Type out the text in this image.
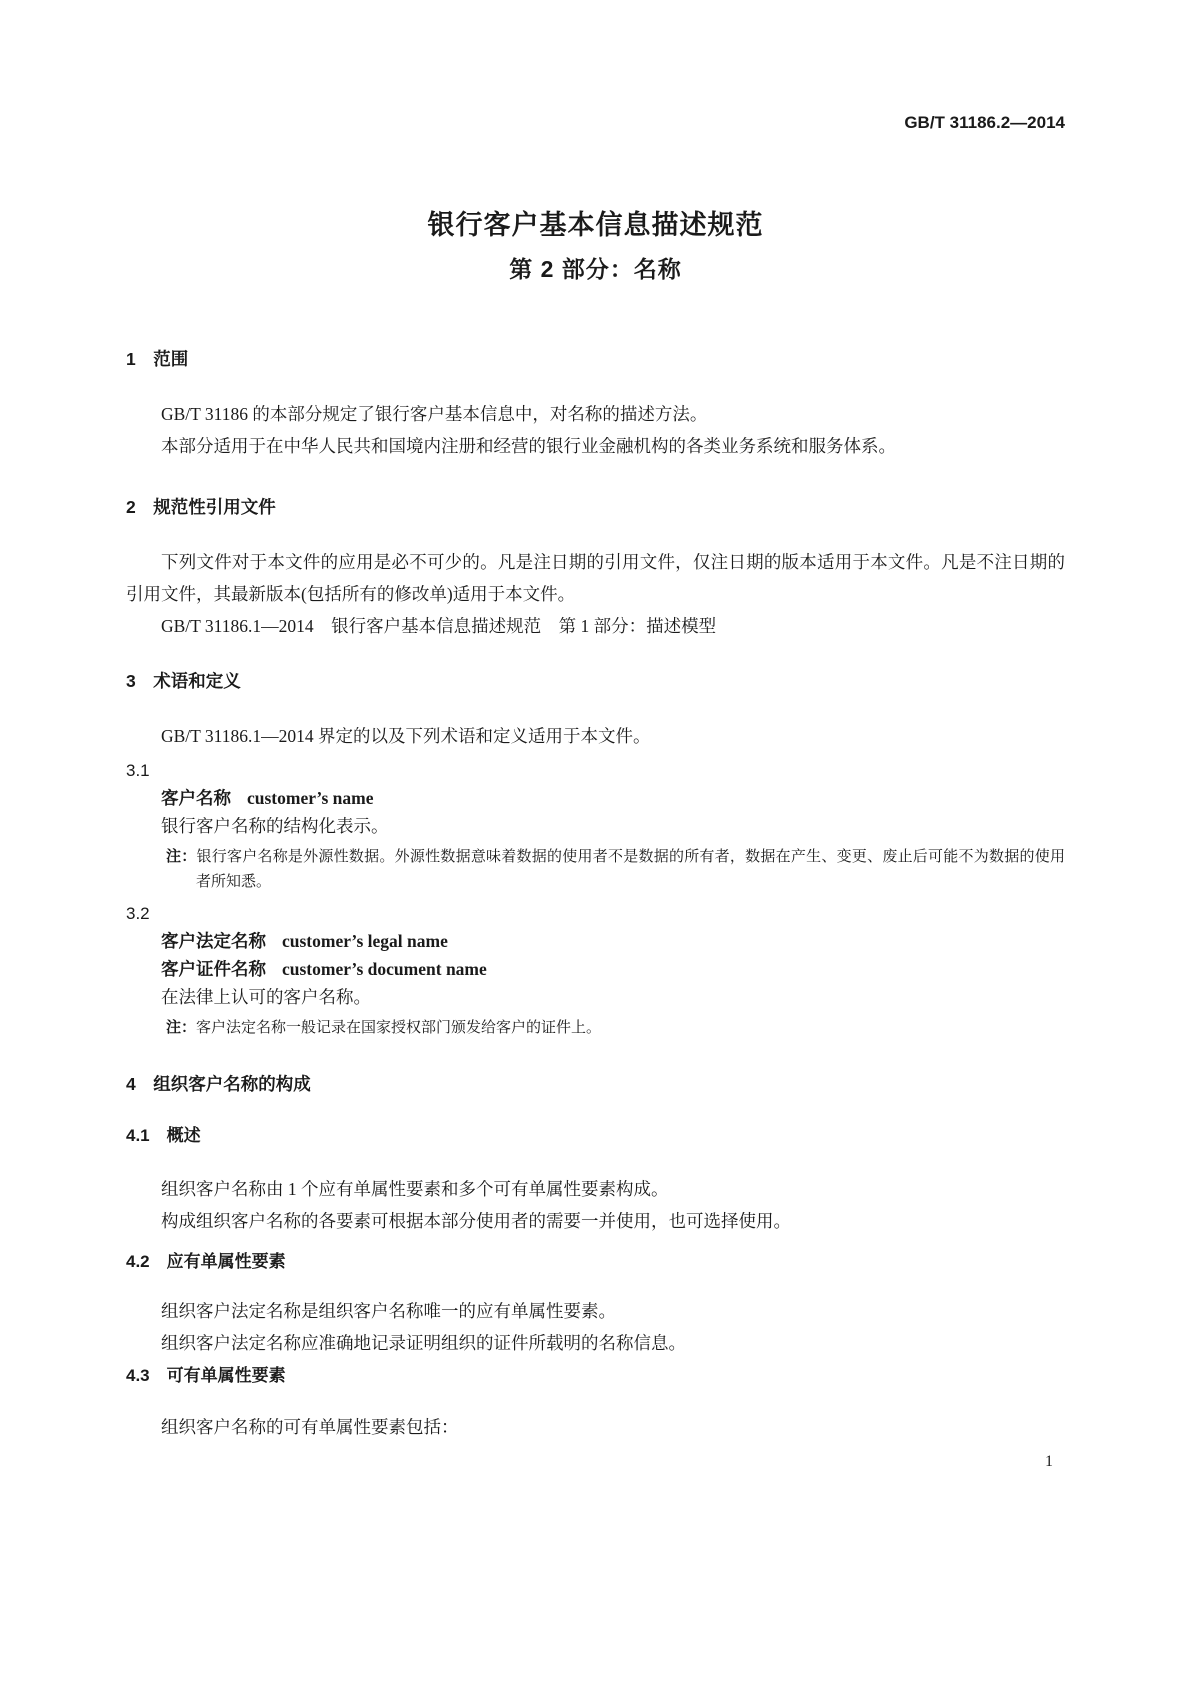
GB/T 31186.2—2014
银行客户基本信息描述规范
第 2 部分：名称
1　范围

GB/T 31186 的本部分规定了银行客户基本信息中，对名称的描述方法。

本部分适用于在中华人民共和国境内注册和经营的银行业金融机构的各类业务系统和服务体系。

2　规范性引用文件

下列文件对于本文件的应用是必不可少的。凡是注日期的引用文件，仅注日期的版本适用于本文件。凡是不注日期的引用文件，其最新版本(包括所有的修改单)适用于本文件。

GB/T 31186.1—2014　银行客户基本信息描述规范　第 1 部分：描述模型

3　术语和定义

GB/T 31186.1—2014 界定的以及下列术语和定义适用于本文件。

3.1

客户名称 customer’s name

银行客户名称的结构化表示。

注：银行客户名称是外源性数据。外源性数据意味着数据的使用者不是数据的所有者，数据在产生、变更、废止后可能不为数据的使用者所知悉。

3.2

客户法定名称 customer’s legal name

客户证件名称 customer’s document name

在法律上认可的客户名称。

注：客户法定名称一般记录在国家授权部门颁发给客户的证件上。

4　组织客户名称的构成
4.1　概述

组织客户名称由 1 个应有单属性要素和多个可有单属性要素构成。

构成组织客户名称的各要素可根据本部分使用者的需要一并使用，也可选择使用。

4.2　应有单属性要素

组织客户法定名称是组织客户名称唯一的应有单属性要素。

组织客户法定名称应准确地记录证明组织的证件所载明的名称信息。

4.3　可有单属性要素

组织客户名称的可有单属性要素包括：

1
